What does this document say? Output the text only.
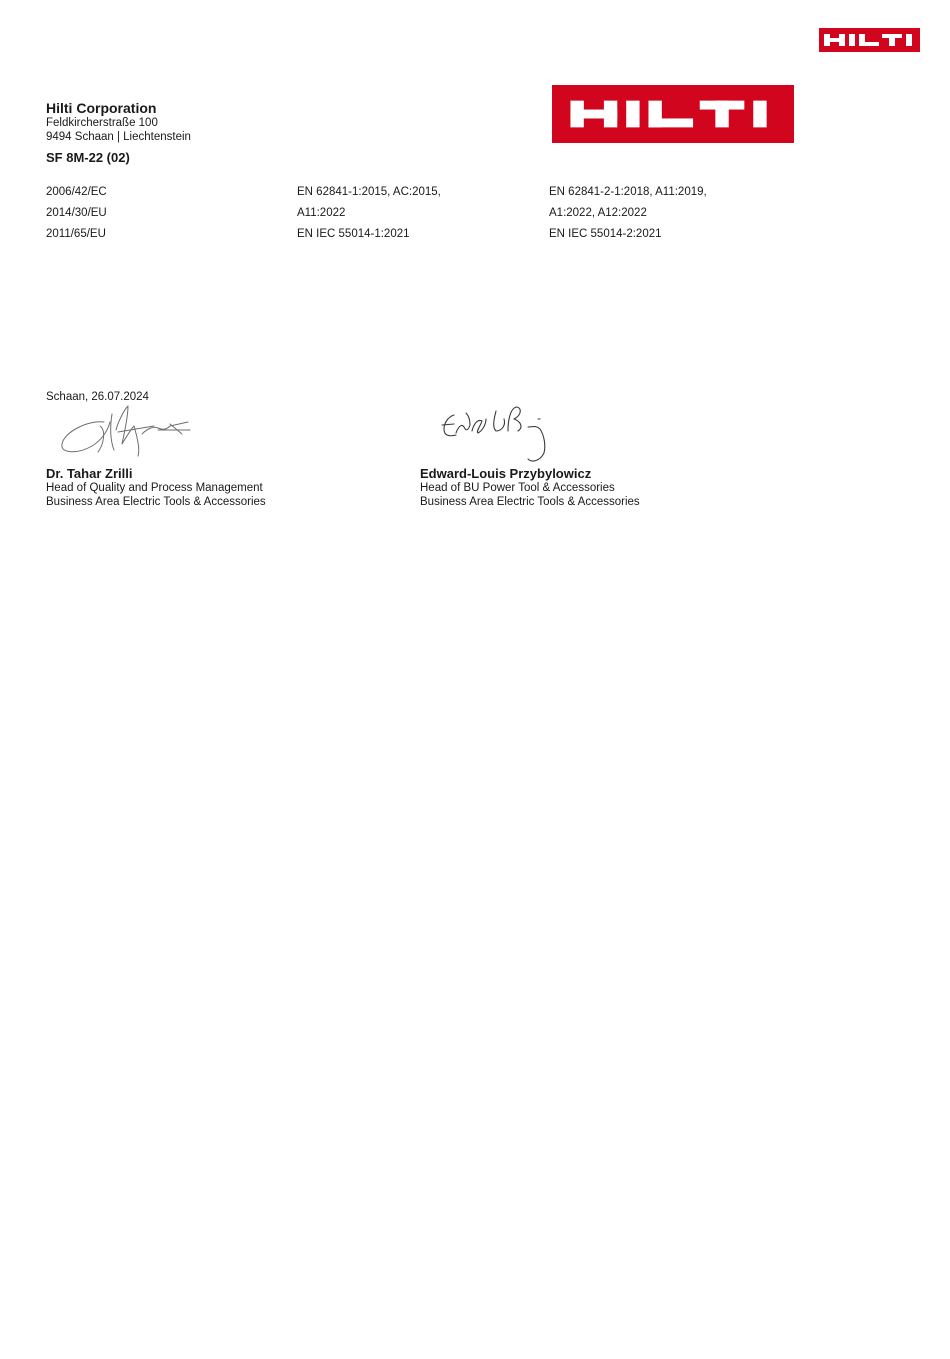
Hilti Corporation
Feldkircherstraße 100
9494 Schaan | Liechtenstein
SF 8M-22 (02)
2006/42/EC
2014/30/EU
2011/65/EU
EN 62841-1:2015, AC:2015,
A11:2022
EN IEC 55014-1:2021
EN 62841-2-1:2018, A11:2019,
A1:2022, A12:2022
EN IEC 55014-2:2021
Schaan, 26.07.2024
Dr. Tahar Zrilli
Head of Quality and Process Management
Business Area Electric Tools & Accessories
Edward-Louis Przybylowicz
Head of BU Power Tool & Accessories
Business Area Electric Tools & Accessories
